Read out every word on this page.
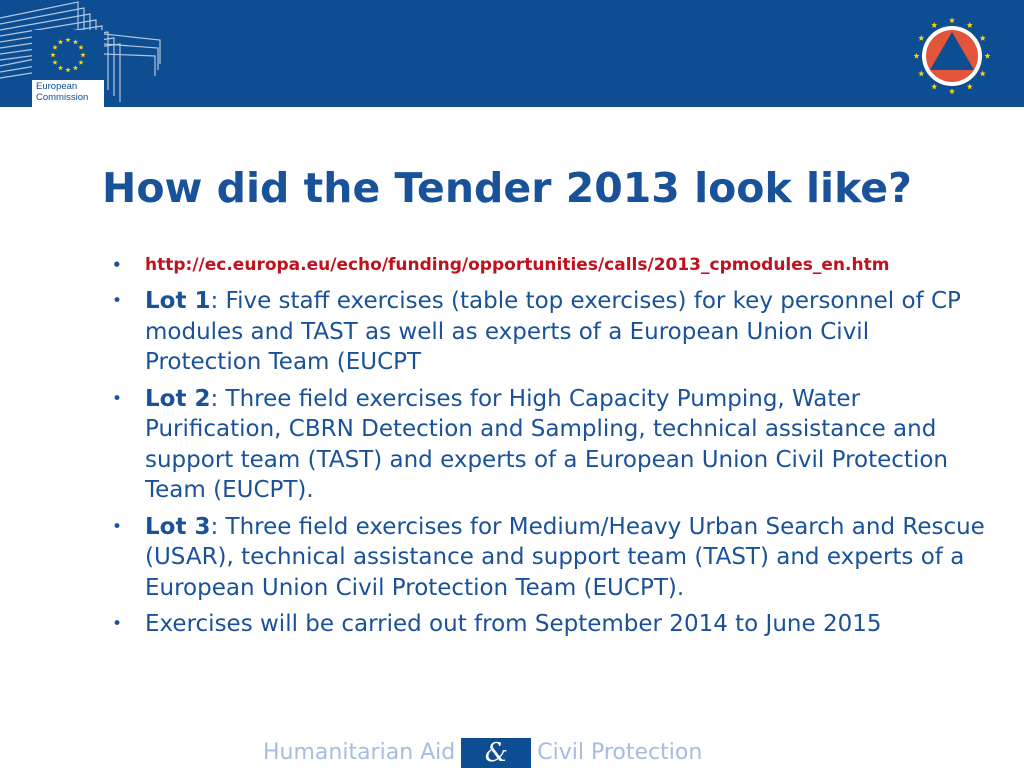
European
Commission
How did the Tender 2013 look like?
• http://ec.europa.eu/echo/funding/opportunities/calls/2013_cpmodules_en.htm
• Lot 1: Five staff exercises (table top exercises) for key personnel of CP modules and TAST as well as experts of a European Union Civil Protection Team (EUCPT
• Lot 2: Three field exercises for High Capacity Pumping, Water Purification, CBRN Detection and Sampling, technical assistance and support team (TAST) and experts of a European Union Civil Protection Team (EUCPT).
• Lot 3: Three field exercises for Medium/Heavy Urban Search and Rescue (USAR), technical assistance and support team (TAST) and experts of a European Union Civil Protection Team (EUCPT).
• Exercises will be carried out from September 2014 to June 2015
Humanitarian Aid & Civil Protection
